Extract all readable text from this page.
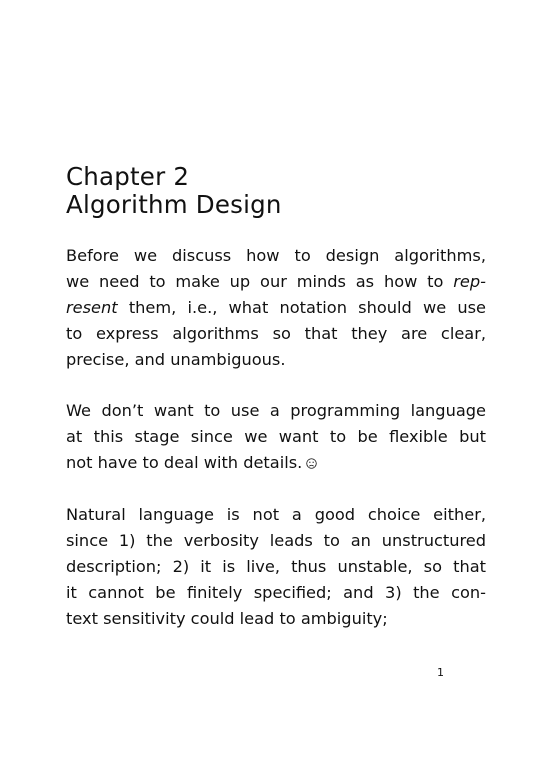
Chapter 2
Algorithm Design
Before we discuss how to design algorithms,
we need to make up our minds as how to rep-
resent them, i.e., what notation should we use
to express algorithms so that they are clear,
precise, and unambiguous.
We don’t want to use a programming language
at this stage since we want to be flexible but
not have to deal with details.
Natural language is not a good choice either,
since 1) the verbosity leads to an unstructured
description; 2) it is live, thus unstable, so that
it cannot be finitely specified; and 3) the con-
text sensitivity could lead to ambiguity;
1
